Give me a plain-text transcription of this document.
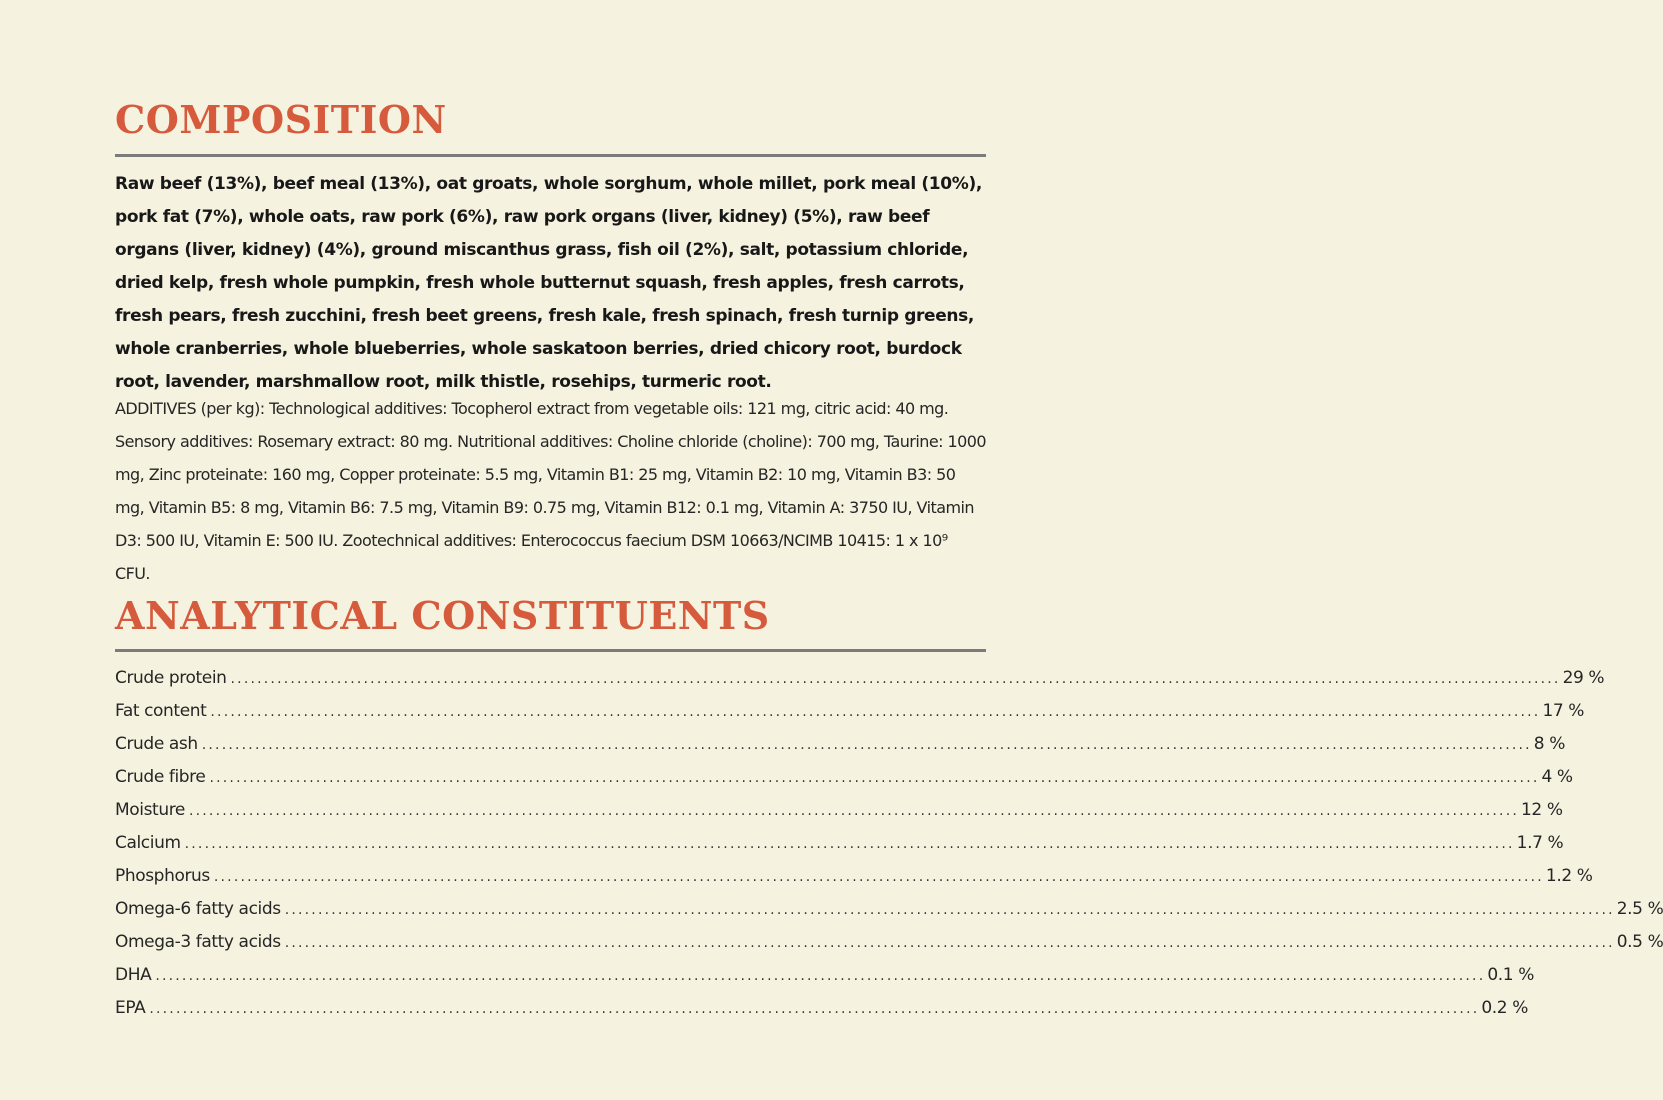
COMPOSITION

Raw beef (13%), beef meal (13%), oat groats, whole sorghum, whole millet, pork meal (10%), pork fat (7%), whole oats, raw pork (6%), raw pork organs (liver, kidney) (5%), raw beef organs (liver, kidney) (4%), ground miscanthus grass, fish oil (2%), salt, potassium chloride, dried kelp, fresh whole pumpkin, fresh whole butternut squash, fresh apples, fresh carrots, fresh pears, fresh zucchini, fresh beet greens, fresh kale, fresh spinach, fresh turnip greens, whole cranberries, whole blueberries, whole saskatoon berries, dried chicory root, burdock root, lavender, marshmallow root, milk thistle, rosehips, turmeric root.

ADDITIVES (per kg): Technological additives: Tocopherol extract from vegetable oils: 121 mg, citric acid: 40 mg. Sensory additives: Rosemary extract: 80 mg. Nutritional additives: Choline chloride (choline): 700 mg, Taurine: 1000 mg, Zinc proteinate: 160 mg, Copper proteinate: 5.5 mg, Vitamin B1: 25 mg, Vitamin B2: 10 mg, Vitamin B3: 50 mg, Vitamin B5: 8 mg, Vitamin B6: 7.5 mg, Vitamin B9: 0.75 mg, Vitamin B12: 0.1 mg, Vitamin A: 3750 IU, Vitamin D3: 500 IU, Vitamin E: 500 IU. Zootechnical additives: Enterococcus faecium DSM 10663/NCIMB 10415: 1 x 10⁹ CFU.

ANALYTICAL CONSTITUENTS
Crude protein ........................................................................................................................................................................................................ 29 %
Fat content ........................................................................................................................................................................................................ 17 %
Crude ash ........................................................................................................................................................................................................ 8 %
Crude fibre ........................................................................................................................................................................................................ 4 %
Moisture ........................................................................................................................................................................................................ 12 %
Calcium ........................................................................................................................................................................................................ 1.7 %
Phosphorus ........................................................................................................................................................................................................ 1.2 %
Omega-6 fatty acids ........................................................................................................................................................................................................ 2.5 %
Omega-3 fatty acids ........................................................................................................................................................................................................ 0.5 %
DHA ........................................................................................................................................................................................................ 0.1 %
EPA ........................................................................................................................................................................................................ 0.2 %
